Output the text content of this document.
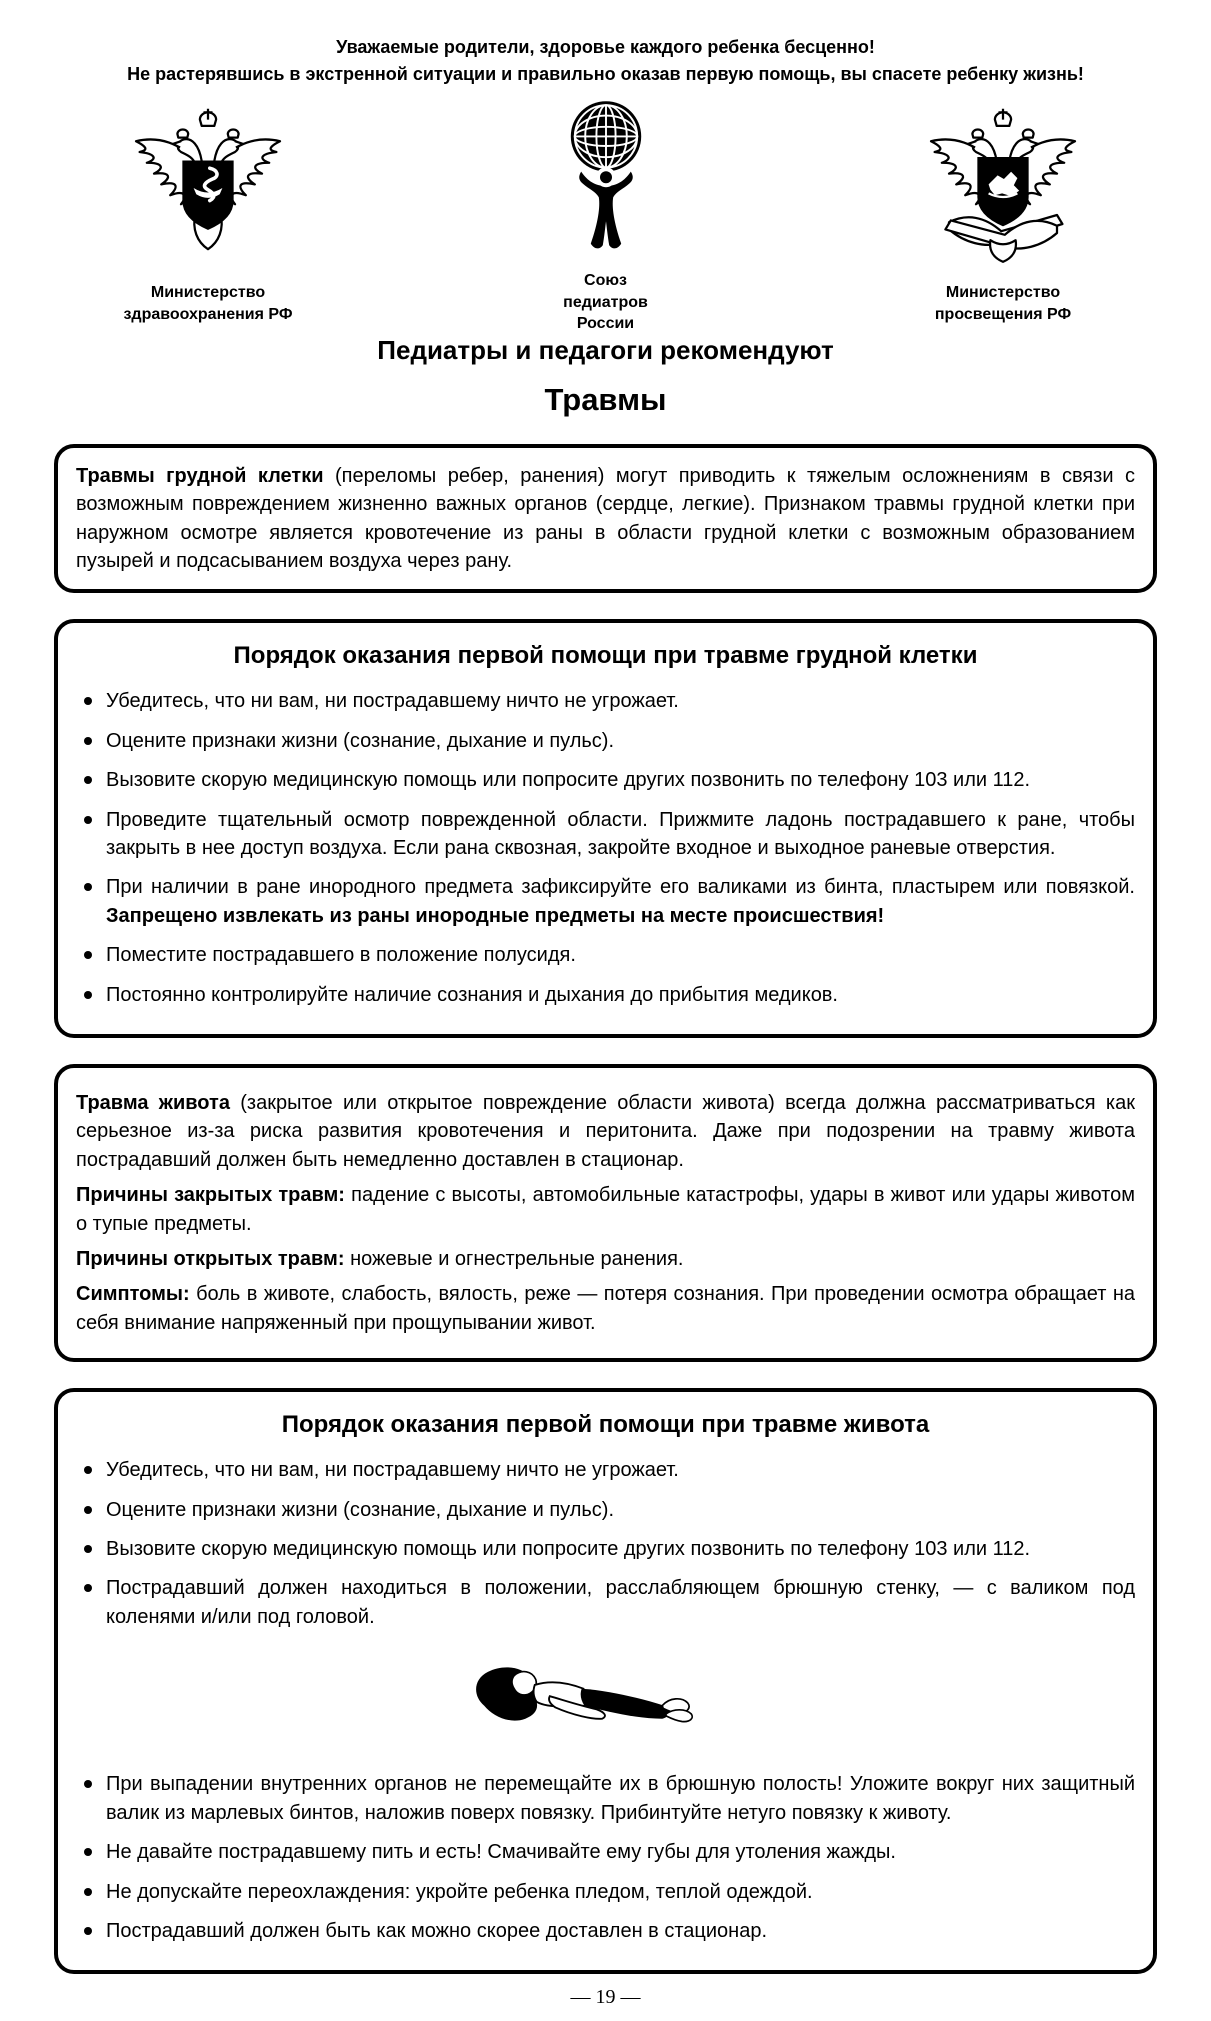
Уважаемые родители, здоровье каждого ребенка бесценно!
Не растерявшись в экстренной ситуации и правильно оказав первую помощь, вы спасете ребенку жизнь!
Министерство
здравоохранения РФ
Союз
педиатров
России
Министерство
просвещения РФ
Педиатры и педагоги рекомендуют
Травмы

Травмы грудной клетки (переломы ребер, ранения) могут приводить к тяжелым осложнениям в связи с возможным повреждением жизненно важных органов (сердце, легкие). Признаком травмы грудной клетки при наружном осмотре является кровотечение из раны в области грудной клетки с возможным образованием пузырей и подсасыванием воздуха через рану.

Порядок оказания первой помощи при травме грудной клетки
Убедитесь, что ни вам, ни пострадавшему ничто не угрожает.
Оцените признаки жизни (сознание, дыхание и пульс).
Вызовите скорую медицинскую помощь или попросите других позвонить по телефону 103 или 112.
Проведите тщательный осмотр поврежденной области. Прижмите ладонь пострадавшего к ране, чтобы закрыть в нее доступ воздуха. Если рана сквозная, закройте входное и выходное раневые отверстия.
При наличии в ране инородного предмета зафиксируйте его валиками из бинта, пластырем или повязкой. Запрещено извлекать из раны инородные предметы на месте происшествия!
Поместите пострадавшего в положение полусидя.
Постоянно контролируйте наличие сознания и дыхания до прибытия медиков.

Травма живота (закрытое или открытое повреждение области живота) всегда должна рассматриваться как серьезное из-за риска развития кровотечения и перитонита. Даже при подозрении на травму живота пострадавший должен быть немедленно доставлен в стационар.

Причины закрытых травм: падение с высоты, автомобильные катастрофы, удары в живот или удары животом о тупые предметы.

Причины открытых травм: ножевые и огнестрельные ранения.

Симптомы: боль в животе, слабость, вялость, реже — потеря сознания. При проведении осмотра обращает на себя внимание напряженный при прощупывании живот.

Порядок оказания первой помощи при травме живота
Убедитесь, что ни вам, ни пострадавшему ничто не угрожает.
Оцените признаки жизни (сознание, дыхание и пульс).
Вызовите скорую медицинскую помощь или попросите других позвонить по телефону 103 или 112.
Пострадавший должен находиться в положении, расслабляющем брюшную стенку, — с валиком под коленями и/или под головой.
При выпадении внутренних органов не перемещайте их в брюшную полость! Уложите вокруг них защитный валик из марлевых бинтов, наложив поверх повязку. Прибинтуйте нетуго повязку к животу.
Не давайте пострадавшему пить и есть! Смачивайте ему губы для утоления жажды.
Не допускайте переохлаждения: укройте ребенка пледом, теплой одеждой.
Пострадавший должен быть как можно скорее доставлен в стационар.
— 19 —
